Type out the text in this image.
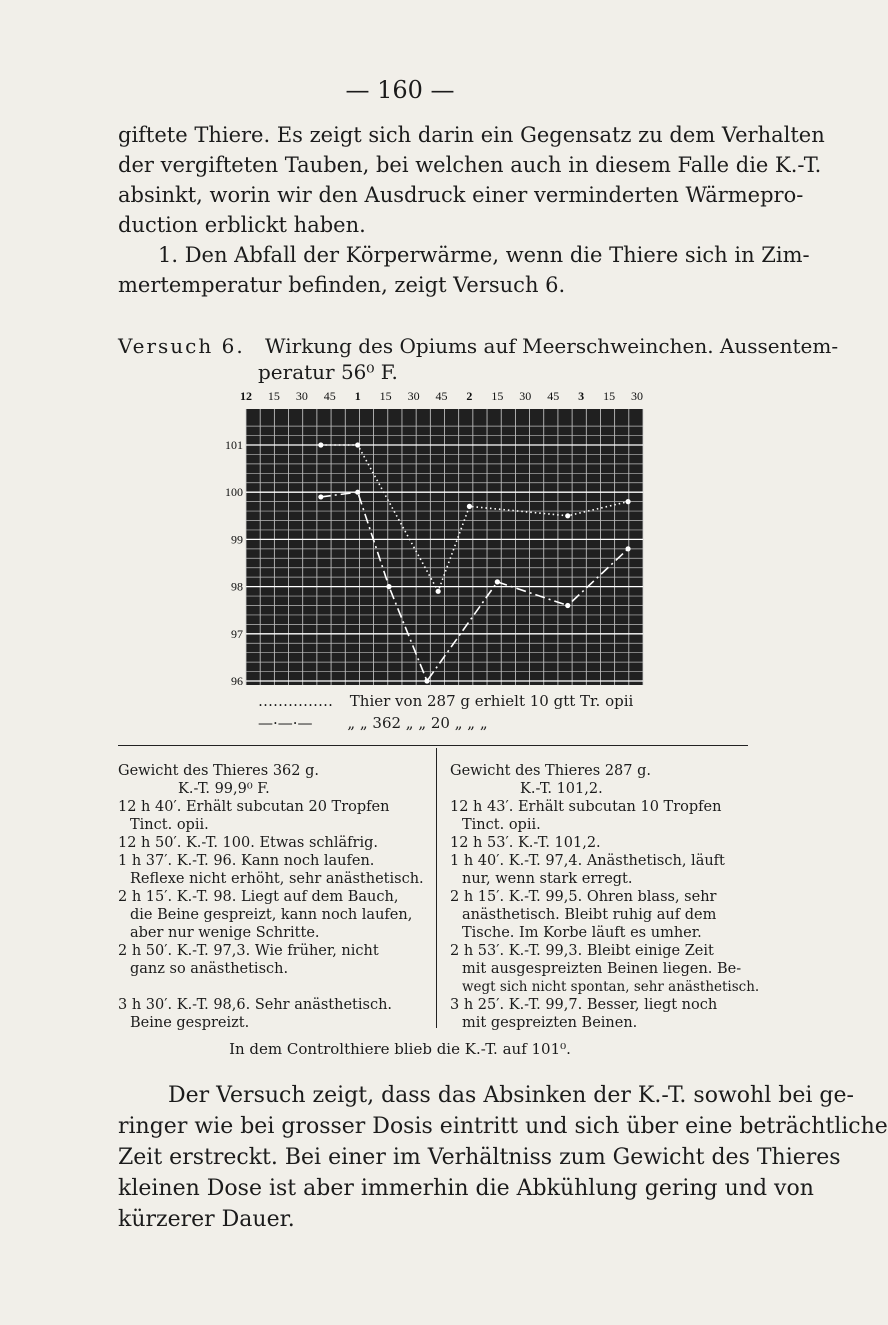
— 160 —
giftete Thiere. Es zeigt sich darin ein Gegensatz zu dem Verhalten
der vergifteten Tauben, bei welchen auch in diesem Falle die K.-T.
absinkt, worin wir den Ausdruck einer verminderten Wärmepro-
duction erblickt haben.
1. Den Abfall der Körperwärme, wenn die Thiere sich in Zim-
mertemperatur befinden, zeigt Versuch 6.
Versuch 6. Wirkung des Opiums auf Meerschweinchen. Aussentem-
peratur 56⁰ F.
12 15 30 45 1 15 30 45 2 15 30 45 3 15 30
101
100
99
98
97
96
…………… Thier von 287 g erhielt 10 gtt Tr. opii
—·—·— „ „ 362 „ „ 20 „ „ „
Gewicht des Thieres 362 g.
K.-T. 99,9⁰ F.
12 h 40′. Erhält subcutan 20 Tropfen
Tinct. opii.
12 h 50′. K.-T. 100. Etwas schläfrig.
1 h 37′. K.-T. 96. Kann noch laufen.
Reflexe nicht erhöht, sehr anästhetisch.
2 h 15′. K.-T. 98. Liegt auf dem Bauch,
die Beine gespreizt, kann noch laufen,
aber nur wenige Schritte.
2 h 50′. K.-T. 97,3. Wie früher, nicht
ganz so anästhetisch.
3 h 30′. K.-T. 98,6. Sehr anästhetisch.
Beine gespreizt.
Gewicht des Thieres 287 g.
K.-T. 101,2.
12 h 43′. Erhält subcutan 10 Tropfen
Tinct. opii.
12 h 53′. K.-T. 101,2.
1 h 40′. K.-T. 97,4. Anästhetisch, läuft
nur, wenn stark erregt.
2 h 15′. K.-T. 99,5. Ohren blass, sehr
anästhetisch. Bleibt ruhig auf dem
Tische. Im Korbe läuft es umher.
2 h 53′. K.-T. 99,3. Bleibt einige Zeit
mit ausgespreizten Beinen liegen. Be-
wegt sich nicht spontan, sehr anästhetisch.
3 h 25′. K.-T. 99,7. Besser, liegt noch
mit gespreizten Beinen.
In dem Controlthiere blieb die K.-T. auf 101⁰.
Der Versuch zeigt, dass das Absinken der K.-T. sowohl bei ge-
ringer wie bei grosser Dosis eintritt und sich über eine beträchtliche
Zeit erstreckt. Bei einer im Verhältniss zum Gewicht des Thieres
kleinen Dose ist aber immerhin die Abkühlung gering und von
kürzerer Dauer.
